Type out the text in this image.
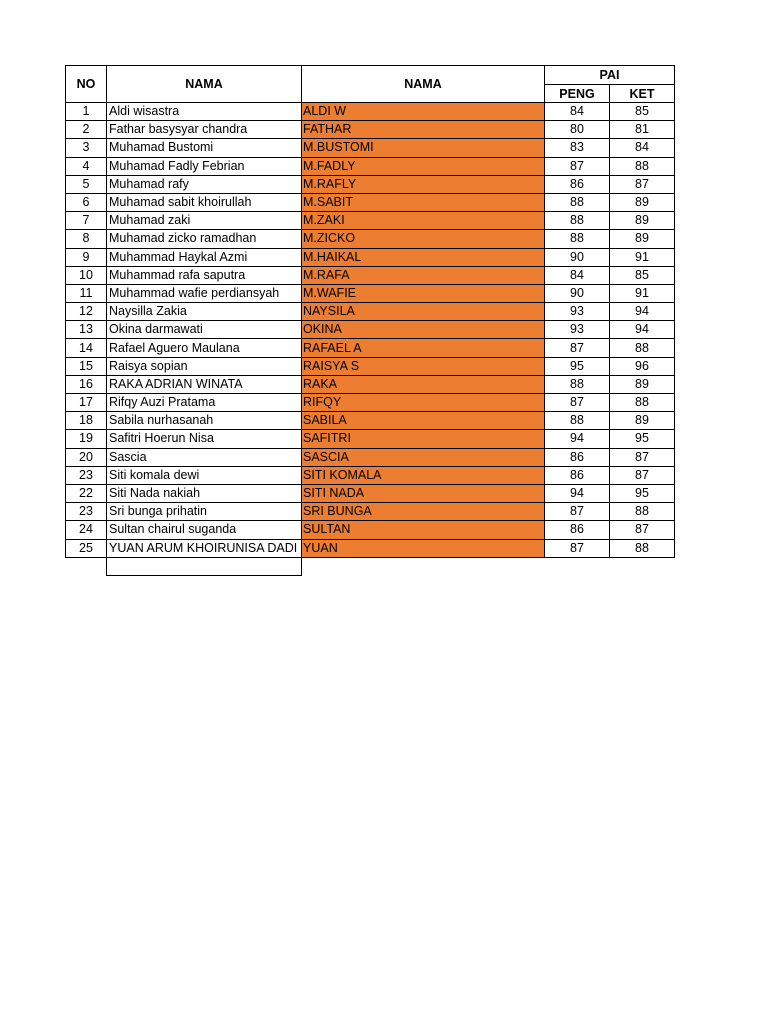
NO	NAMA	NAMA	PAI	
			PENG	KET
1	Aldi wisastra	ALDI W	84	85
2	Fathar basysyar chandra	FATHAR	80	81
3	Muhamad Bustomi	M.BUSTOMI	83	84
4	Muhamad Fadly Febrian	M.FADLY	87	88
5	Muhamad rafy	M.RAFLY	86	87
6	Muhamad sabit khoirullah	M.SABIT	88	89
7	Muhamad zaki	M.ZAKI	88	89
8	Muhamad zicko ramadhan	M.ZICKO	88	89
9	Muhammad Haykal Azmi	M.HAIKAL	90	91
10	Muhammad rafa saputra	M.RAFA	84	85
11	Muhammad wafie perdiansyah	M.WAFIE	90	91
12	Naysilla Zakia	NAYSILA	93	94
13	Okina darmawati	OKINA	93	94
14	Rafael Aguero Maulana	RAFAEL A	87	88
15	Raisya sopian	RAISYA S	95	96
16	RAKA ADRIAN WINATA	RAKA	88	89
17	Rifqy Auzi Pratama	RIFQY	87	88
18	Sabila nurhasanah	SABILA	88	89
19	Safitri Hoerun Nisa	SAFITRI	94	95
20	Sascia	SASCIA	86	87
23	Siti komala dewi	SITI KOMALA	86	87
22	Siti Nada nakiah	SITI NADA	94	95
23	Sri bunga prihatin	SRI BUNGA	87	88
24	Sultan chairul suganda	SULTAN	86	87
25	YUAN ARUM KHOIRUNISA DADI	YUAN	87	88
